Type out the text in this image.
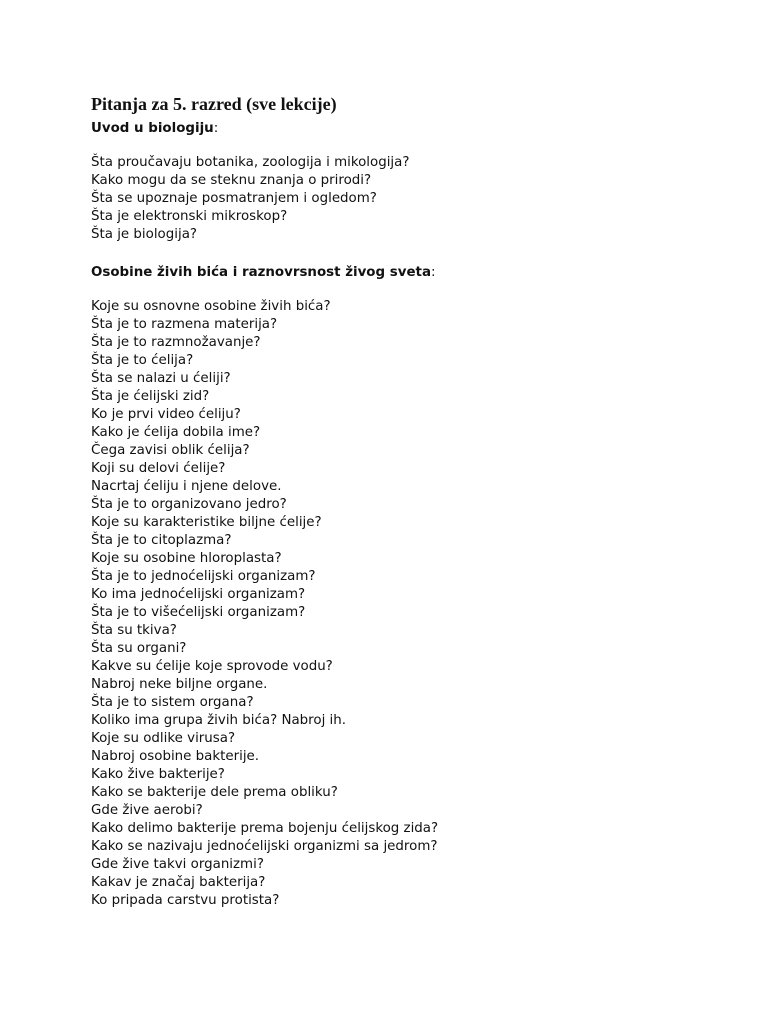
Pitanja za 5. razred (sve lekcije)

Uvod u biologiju:

Šta proučavaju botanika, zoologija i mikologija?
Kako mogu da se steknu znanja o prirodi?
Šta se upoznaje posmatranjem i ogledom?
Šta je elektronski mikroskop?
Šta je biologija?

Osobine živih bića i raznovrsnost živog sveta:

Koje su osnovne osobine živih bića?
Šta je to razmena materija?
Šta je to razmnožavanje?
Šta je to ćelija?
Šta se nalazi u ćeliji?
Šta je ćelijski zid?
Ko je prvi video ćeliju?
Kako je ćelija dobila ime?
Čega zavisi oblik ćelija?
Koji su delovi ćelije?
Nacrtaj ćeliju i njene delove.
Šta je to organizovano jedro?
Koje su karakteristike biljne ćelije?
Šta je to citoplazma?
Koje su osobine hloroplasta?
Šta je to jednoćelijski organizam?
Ko ima jednoćelijski organizam?
Šta je to višećelijski organizam?
Šta su tkiva?
Šta su organi?
Kakve su ćelije koje sprovode vodu?
Nabroj neke biljne organe.
Šta je to sistem organa?
Koliko ima grupa živih bića? Nabroj ih.
Koje su odlike virusa?
Nabroj osobine bakterije.
Kako žive bakterije?
Kako se bakterije dele prema obliku?
Gde žive aerobi?
Kako delimo bakterije prema bojenju ćelijskog zida?
Kako se nazivaju jednoćelijski organizmi sa jedrom?
Gde žive takvi organizmi?
Kakav je značaj bakterija?
Ko pripada carstvu protista?
